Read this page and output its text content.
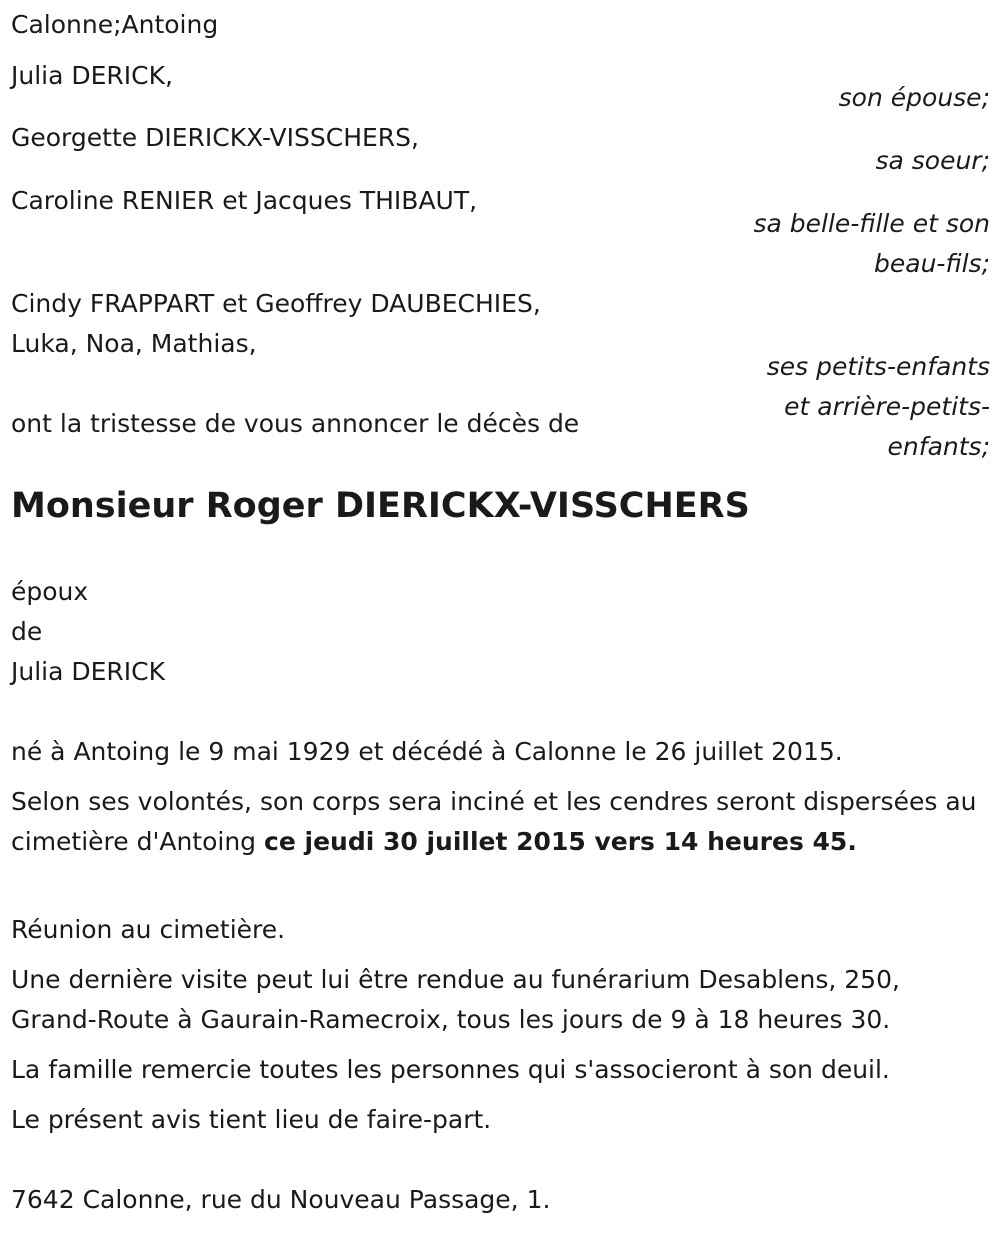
Calonne;Antoing

Julia DERICK,

son épouse;

Georgette DIERICKX-VISSCHERS,

sa soeur;

Caroline RENIER et Jacques THIBAUT,

sa belle-fille et son

beau-fils;

Cindy FRAPPART et Geoffrey DAUBECHIES,

Luka, Noa, Mathias,

ses petits-enfants

et arrière-petits-

enfants;

ont la tristesse de vous annoncer le décès de

Monsieur Roger DIERICKX-VISSCHERS

époux

de

Julia DERICK

né à Antoing le 9 mai 1929 et décédé à Calonne le 26 juillet 2015.

Selon ses volontés, son corps sera inciné et les cendres seront dispersées au cimetière d'Antoing ce jeudi 30 juillet 2015 vers 14 heures 45.

Réunion au cimetière.

Une dernière visite peut lui être rendue au funérarium Desablens, 250, Grand-Route à Gaurain-Ramecroix, tous les jours de 9 à 18 heures 30.

La famille remercie toutes les personnes qui s'associeront à son deuil.

Le présent avis tient lieu de faire-part.

7642 Calonne, rue du Nouveau Passage, 1.
